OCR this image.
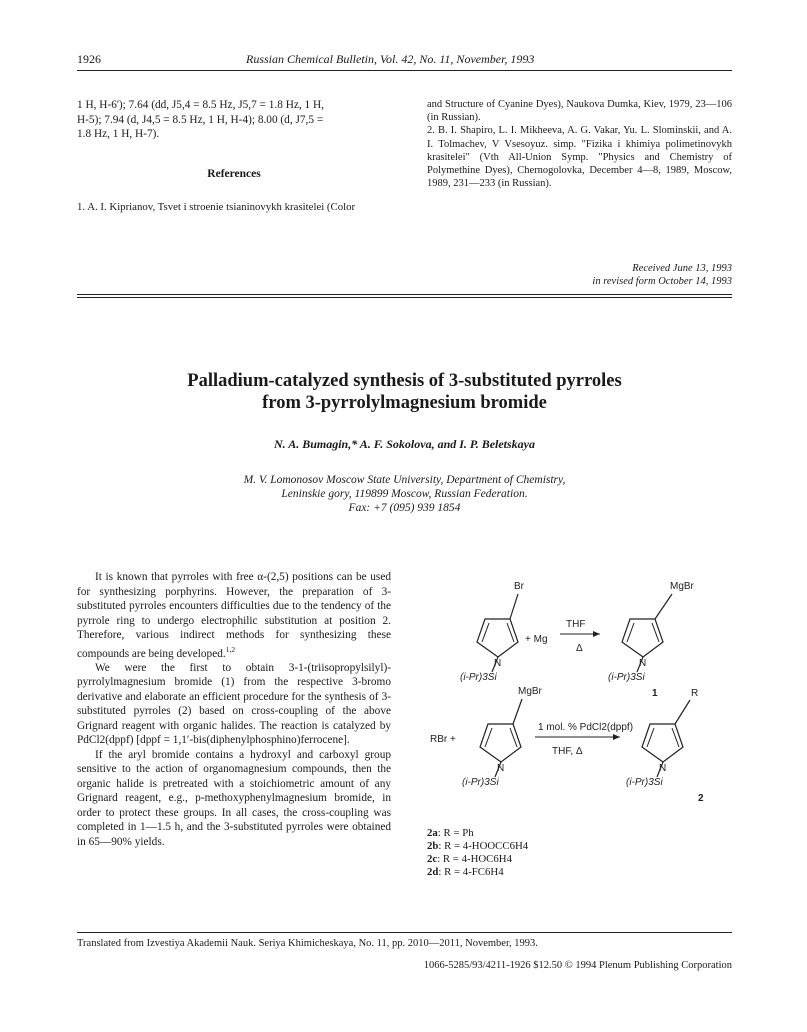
1926	Russian Chemical Bulletin, Vol. 42, No. 11, November, 1993

1 H, H-6'); 7.64 (dd, J5,4 = 8.5 Hz, J5,7 = 1.8 Hz, 1 H,

H-5); 7.94 (d, J4,5 = 8.5 Hz, 1 H, H-4); 8.00 (d, J7,5 =

1.8 Hz, 1 H, H-7).

References
1. A. I. Kiprianov, Tsvet i stroenie tsianinovykh krasitelei (Color

and Structure of Cyanine Dyes), Naukova Dumka, Kiev, 1979, 23—106 (in Russian).

2. B. I. Shapiro, L. I. Mikheeva, A. G. Vakar, Yu. L. Slominskii, and A. I. Tolmachev, V Vsesoyuz. simp. "Fizika i khimiya polimetinovykh krasitelei" (Vth All-Union Symp. "Physics and Chemistry of Polymethine Dyes), Chernogolovka, December 4—8, 1989, Moscow, 1989, 231—233 (in Russian).

Received June 13, 1993
in revised form October 14, 1993
Palladium-catalyzed synthesis of 3-substituted pyrroles
from 3-pyrrolylmagnesium bromide
N. A. Bumagin,* A. F. Sokolova, and I. P. Beletskaya
M. V. Lomonosov Moscow State University, Department of Chemistry,
Leninskie gory, 119899 Moscow, Russian Federation.
Fax: +7 (095) 939 1854

It is known that pyrroles with free α-(2,5) positions can be used for synthesizing porphyrins. However, the preparation of 3-substituted pyrroles encounters difficulties due to the tendency of the pyrrole ring to undergo electrophilic substitution at position 2. Therefore, various indirect methods for synthesizing these compounds are being developed.$^{1,2}$

We were the first to obtain 3-1-(triisopropylsilyl)-pyrrolylmagnesium bromide (1) from the respective 3-bromo derivative and elaborate an efficient procedure for the synthesis of 3-substituted pyrroles (2) based on cross-coupling of the above Grignard reagent with organic halides. The reaction is catalyzed by PdCl2(dppf) [dppf = 1,1′-bis(diphenylphosphino)ferrocene].

If the aryl bromide contains a hydroxyl and carboxyl group sensitive to the action of organomagnesium compounds, then the organic halide is pretreated with a stoichiometric amount of any Grignard reagent, e.g., p-methoxyphenylmagnesium bromide, in order to protect these groups. In all cases, the cross-coupling was completed in 1—1.5 h, and the 3-substituted pyrroles were obtained in 65—90% yields.

Br
N
(i-Pr)3Si
+ Mg
THF
Δ
MgBr
N
(i-Pr)3Si
1
RBr +
MgBr
N
(i-Pr)3Si
1 mol. % PdCl2(dppf)
THF, Δ
R
N
(i-Pr)3Si
2
2a: R = Ph
2b: R = 4-HOOCC6H4
2c: R = 4-HOC6H4
2d: R = 4-FC6H4
Translated from Izvestiya Akademii Nauk. Seriya Khimicheskaya, No. 11, pp. 2010—2011, November, 1993.
1066-5285/93/4211-1926 $12.50 © 1994 Plenum Publishing Corporation
